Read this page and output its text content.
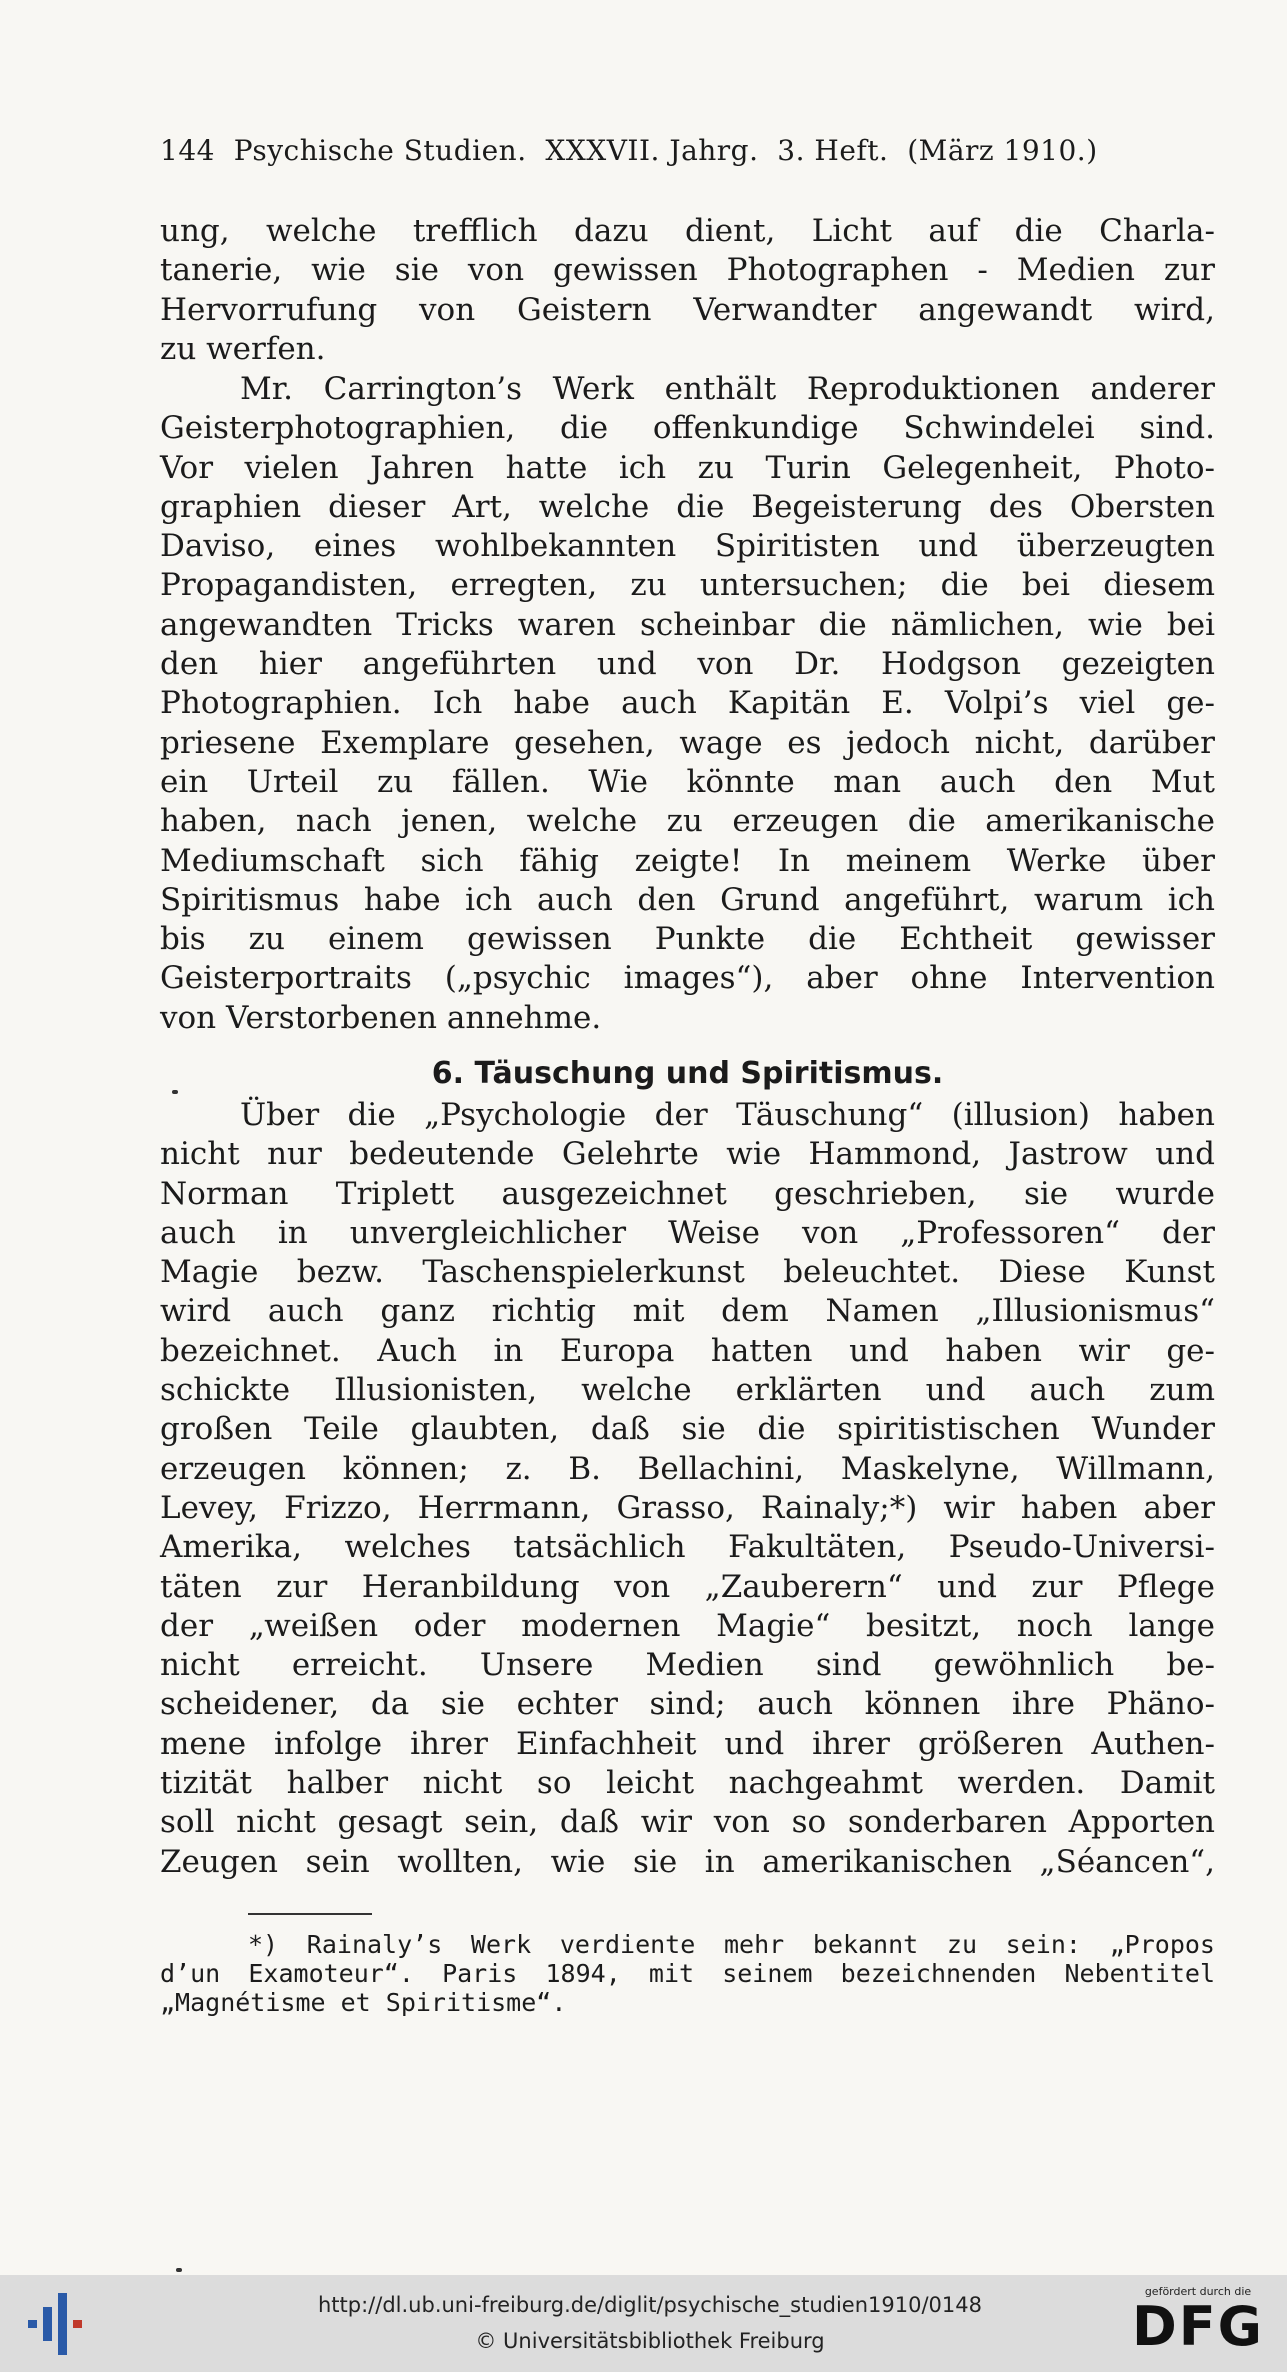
144  Psychische Studien.  XXXVII. Jahrg.  3. Heft.  (März 1910.)
ung, welche trefflich dazu dient, Licht auf die Charla-
tanerie, wie sie von gewissen Photographen - Medien zur
Hervorrufung von Geistern Verwandter angewandt wird,
zu werfen.
Mr. Carrington’s Werk enthält Reproduktionen anderer
Geisterphotographien, die offenkundige Schwindelei sind.
Vor vielen Jahren hatte ich zu Turin Gelegenheit, Photo-
graphien dieser Art, welche die Begeisterung des Obersten
Daviso, eines wohlbekannten Spiritisten und überzeugten
Propagandisten, erregten, zu untersuchen; die bei diesem
angewandten Tricks waren scheinbar die nämlichen, wie bei
den hier angeführten und von Dr. Hodgson gezeigten
Photographien. Ich habe auch Kapitän E. Volpi’s viel ge-
priesene Exemplare gesehen, wage es jedoch nicht, darüber
ein Urteil zu fällen. Wie könnte man auch den Mut
haben, nach jenen, welche zu erzeugen die amerikanische
Mediumschaft sich fähig zeigte! In meinem Werke über
Spiritismus habe ich auch den Grund angeführt, warum ich
bis zu einem gewissen Punkte die Echtheit gewisser
Geisterportraits („psychic images“), aber ohne Intervention
von Verstorbenen annehme.
6. Täuschung und Spiritismus.
Über die „Psychologie der Täuschung“ (illusion) haben
nicht nur bedeutende Gelehrte wie Hammond, Jastrow und
Norman Triplett ausgezeichnet geschrieben, sie wurde
auch in unvergleichlicher Weise von „Professoren“ der
Magie bezw. Taschenspielerkunst beleuchtet. Diese Kunst
wird auch ganz richtig mit dem Namen „Illusionismus“
bezeichnet. Auch in Europa hatten und haben wir ge-
schickte Illusionisten, welche erklärten und auch zum
großen Teile glaubten, daß sie die spiritistischen Wunder
erzeugen können; z. B. Bellachini, Maskelyne, Willmann,
Levey, Frizzo, Herrmann, Grasso, Rainaly;*) wir haben aber
Amerika, welches tatsächlich Fakultäten, Pseudo-Universi-
täten zur Heranbildung von „Zauberern“ und zur Pflege
der „weißen oder modernen Magie“ besitzt, noch lange
nicht erreicht. Unsere Medien sind gewöhnlich be-
scheidener, da sie echter sind; auch können ihre Phäno-
mene infolge ihrer Einfachheit und ihrer größeren Authen-
tizität halber nicht so leicht nachgeahmt werden. Damit
soll nicht gesagt sein, daß wir von so sonderbaren Apporten
Zeugen sein wollten, wie sie in amerikanischen „Séancen“,
*) Rainaly’s Werk verdiente mehr bekannt zu sein: „Propos
d’un Examoteur“. Paris 1894, mit seinem bezeichnenden Nebentitel
„Magnétisme et Spiritisme“.
http://dl.ub.uni-freiburg.de/diglit/psychische_studien1910/0148
© Universitätsbibliothek Freiburg
gefördert durch die
DFG
